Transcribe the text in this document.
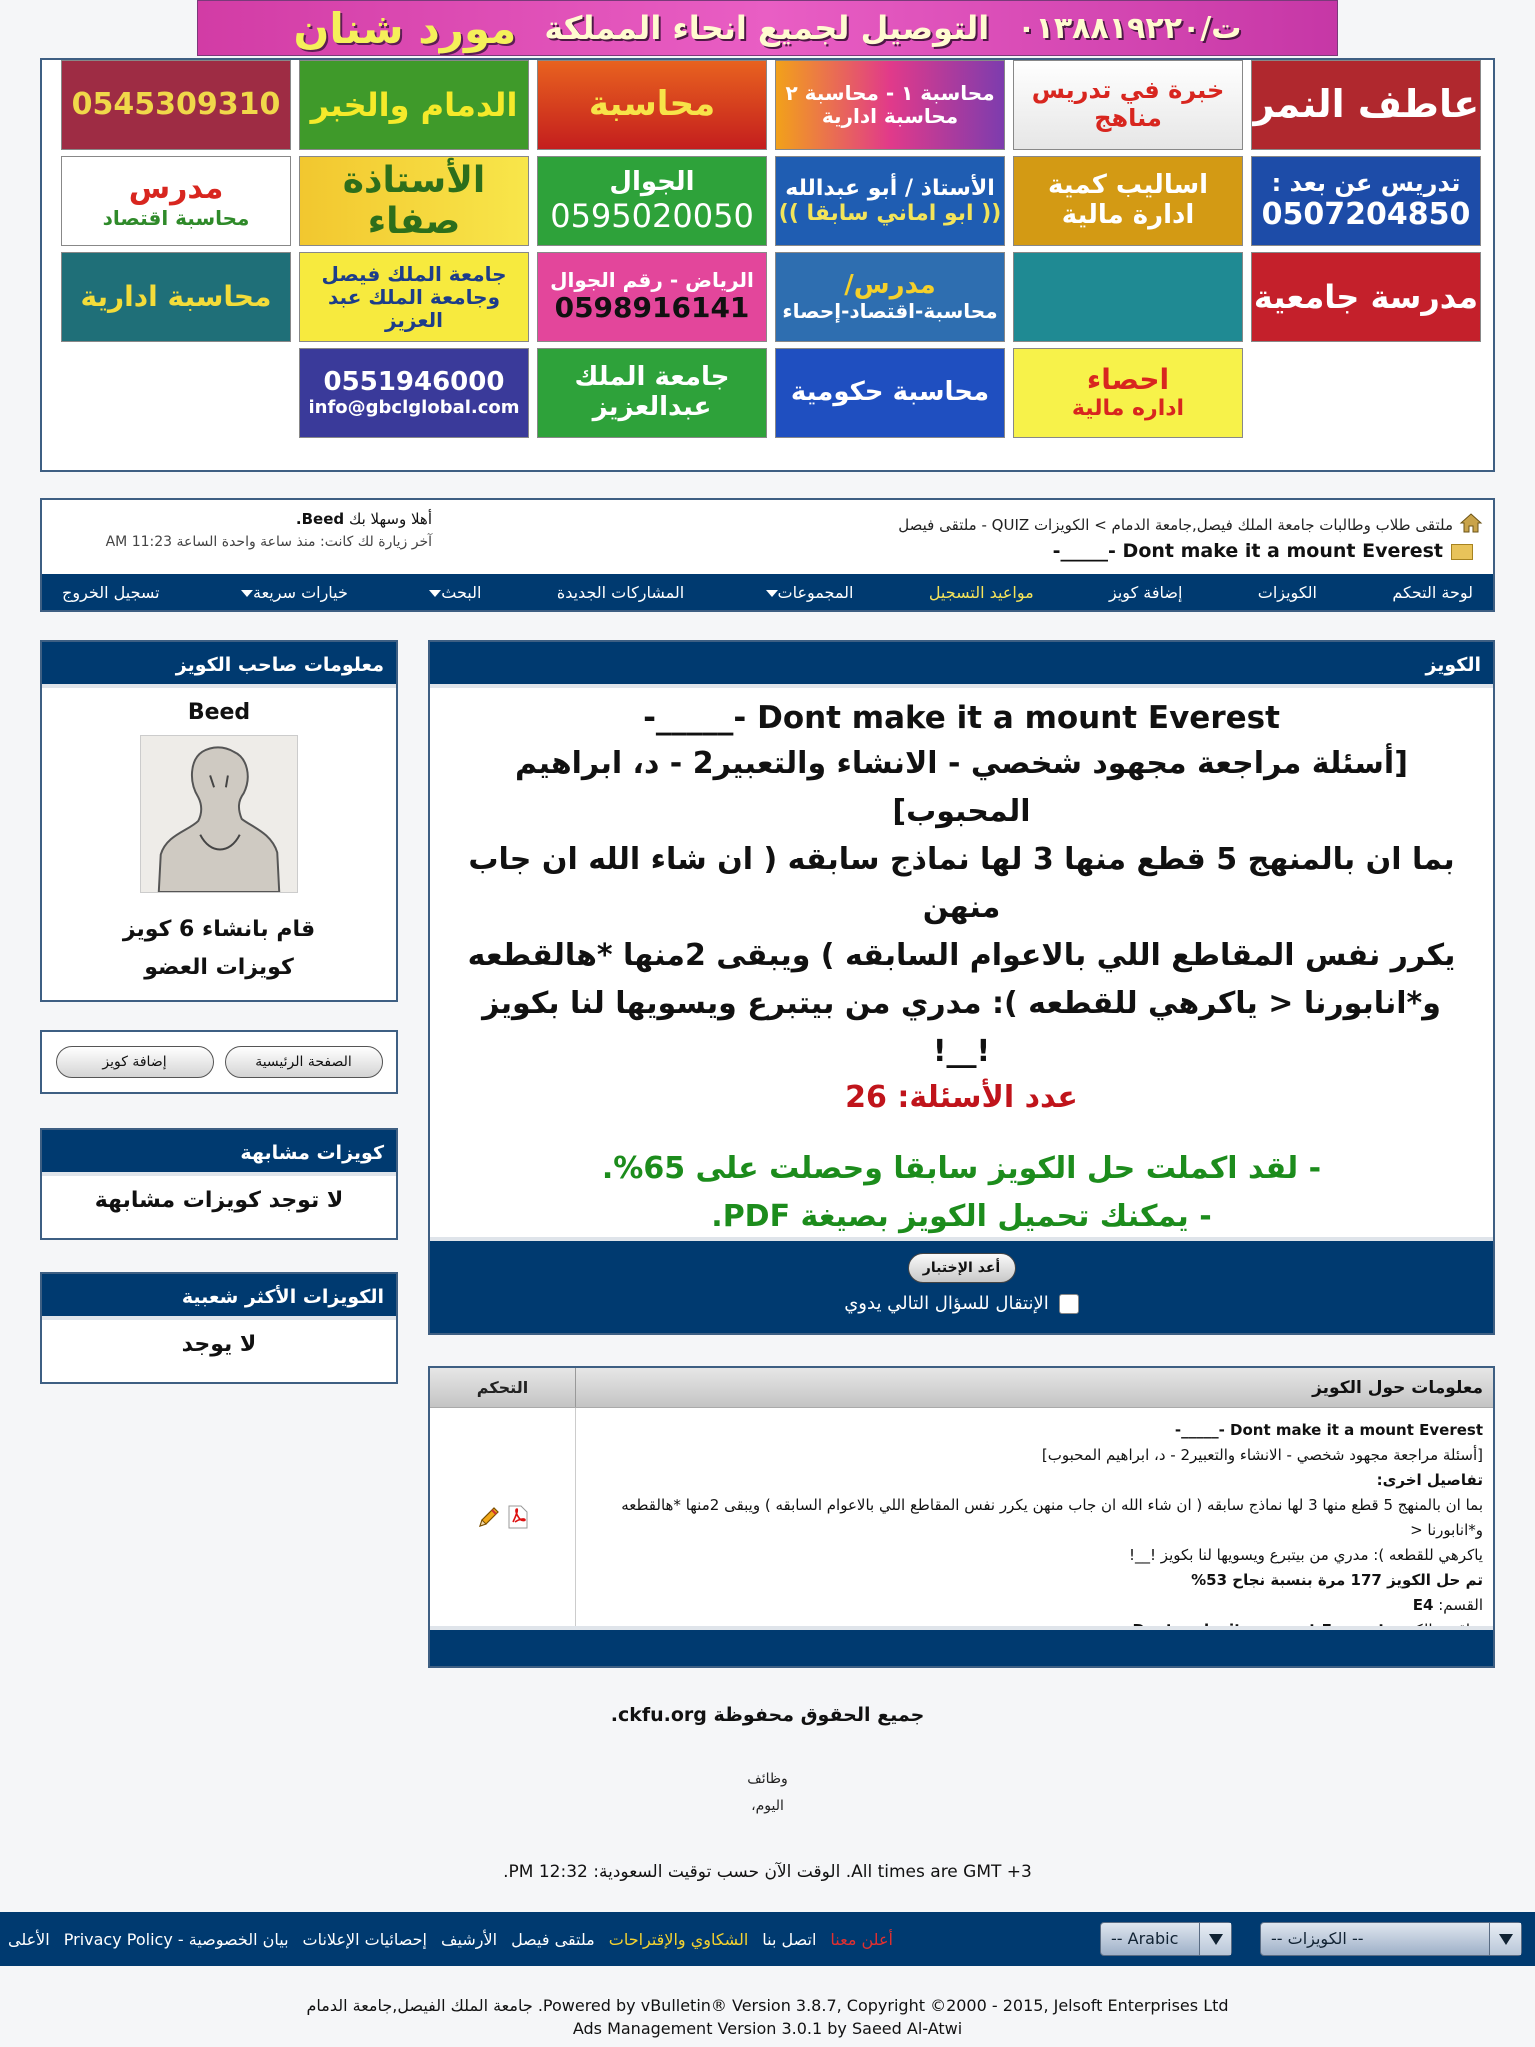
ت/٠١٣٨٨١٩٢٢٠
التوصيل لجميع انحاء المملكة
مورد شنان
عاطف النمر
خبرة في تدريس
مناهج
محاسبة ١ - محاسبة ٢
محاسبة ادارية
محاسبة
الدمام والخبر
0545309310
تدريس عن بعد :
0507204850
اساليب كمية
ادارة مالية
الأستاذ / أبو عبدالله
(( ابو اماني سابقا ))
الجوال
0595020050
الأستاذة صفاء
مدرس
محاسبة اقتصاد
مدرسة جامعية
مدرس/
محاسبة-اقتصاد-إحصاء
الرياض - رقم الجوال
0598916141
جامعة الملك فيصل
وجامعة الملك عبد العزيز
محاسبة ادارية
احصاء
اداره مالية
محاسبة حكومية
جامعة الملك
عبدالعزيز
0551946000
info@gbclglobal.com
ملتقى طلاب وطالبات جامعة الملك فيصل,جامعة الدمام > الكويزات QUIZ - ملتقى فيصل
-_____- Dont make it a mount Everest
أهلا وسهلا بك Beed.
آخر زيارة لك كانت: منذ ساعة واحدة الساعة 11:23 AM
لوحة التحكم
الكويزات
إضافة كويز
مواعيد التسجيل
المجموعات
المشاركات الجديدة
البحث
خيارات سريعة
تسجيل الخروج
الكويز
-_____- Dont make it a mount Everest
[أسئلة مراجعة مجهود شخصي - الانشاء والتعبير2 - د، ابراهيم المحبوب]
بما ان بالمنهج 5 قطع منها 3 لها نماذج سابقه ( ان شاء الله ان جاب منهن
يكرر نفس المقاطع اللي بالاعوام السابقه ) ويبقى 2منها *هالقطعه
و*انابورنا < ياكرهي للقطعه ): مدري من بيتبرع ويسويها لنا بكويز !__!
عدد الأسئلة: 26
- لقد اكملت حل الكويز سابقا وحصلت على 65%.
- يمكنك تحميل الكويز بصيغة PDF.
أعد الإختبار
الإنتقال للسؤال التالي يدوي
معلومات صاحب الكويز
Beed
قام بانشاء 6 كويز
كويزات العضو
الصفحة الرئيسية
إضافة كويز
كويزات مشابهة
لا توجد كويزات مشابهة
الكويزات الأكثر شعبية
لا يوجد
معلومات حول الكويز
التحكم
-_____- Dont make it a mount Everest
[أسئلة مراجعة مجهود شخصي - الانشاء والتعبير2 - د، ابراهيم المحبوب]
تفاصيل اخرى:
بما ان بالمنهج 5 قطع منها 3 لها نماذج سابقه ( ان شاء الله ان جاب منهن يكرر نفس المقاطع اللي بالاعوام السابقه ) ويبقى 2منها *هالقطعه و*انابورنا <
ياكرهي للقطعه ): مدري من بيتبرع ويسويها لنا بكويز !__!
تم حل الكويز 177 مرة بنسبة نجاح 53%
القسم: E4
جميع الحقوق محفوظة ckfu.org.
وظائف
اليوم،
All times are GMT +3. الوقت الآن حسب توقيت السعودية: 12:32 PM.
أعلن معنا
اتصل بنا
الشكاوي والإقتراحات
ملتقى فيصل
الأرشيف
إحصائيات الإعلانات
بيان الخصوصية - Privacy Policy
الأعلى	-- Arabic	-- الكويزات --
Powered by vBulletin® Version 3.8.7, Copyright ©2000 - 2015, Jelsoft Enterprises Ltd. جامعة الملك الفيصل,جامعة الدمام
Ads Management Version 3.0.1 by Saeed Al-Atwi
